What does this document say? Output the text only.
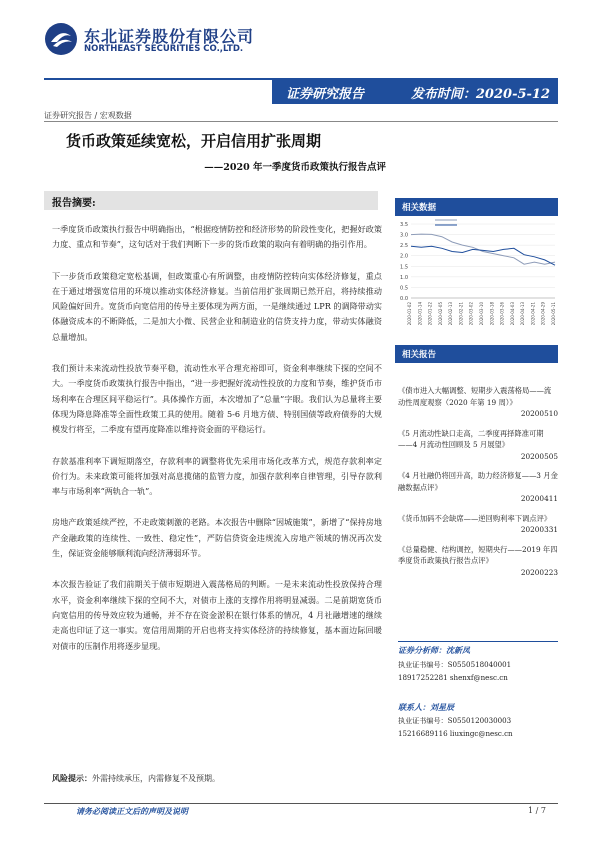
东北证券股份有限公司
NORTHEAST SECURITIES CO.,LTD.
证券研究报告	发布时间：2020-5-12
证券研究报告 / 宏观数据
货币政策延续宽松，开启信用扩张周期
——2020 年一季度货币政策执行报告点评
报告摘要:

一季度货币政策执行报告中明确指出，“根据疫情防控和经济形势的阶段性变化，把握好政策力度、重点和节奏”，这句话对于我们判断下一步的货币政策的取向有着明确的指引作用。

下一步货币政策稳定宽松基调，但政策重心有所调整，由疫情防控转向实体经济修复，重点在于通过增强宽信用的环境以推动实体经济修复。当前信用扩张周期已然开启，将持续推动风险偏好回升。宽货币向宽信用的传导主要体现为两方面，一是继续通过 LPR 的调降带动实体融资成本的不断降低，二是加大小微、民营企业和制造业的信贷支持力度，带动实体融资总量增加。

我们预计未来流动性投放节奏平稳，流动性水平合理充裕即可，资金利率继续下探的空间不大。一季度货币政策执行报告中指出，“进一步把握好流动性投放的力度和节奏，维护货币市场利率在合理区间平稳运行”。具体操作方面，本次增加了“总量”字眼。我们认为总量将主要体现为降息降准等全面性政策工具的使用。随着 5-6 月地方债、特别国债等政府债券的大规模发行将至，二季度有望再度降准以维持资金面的平稳运行。

存款基准利率下调短期落空，存款利率的调整将优先采用市场化改革方式，规范存款利率定价行为。未来政策可能将加强对高息揽储的监管力度，加强存款利率自律管理，引导存款利率与市场利率“两轨合一轨”。

房地产政策延续严控，不走政策刺激的老路。本次报告中删除“因城施策”，新增了“保持房地产金融政策的连续性、一致性、稳定性”，严防信贷资金违规流入房地产领域的情况再次发生，保证资金能够顺利流向经济薄弱环节。

本次报告验证了我们前期关于债市短期进入震荡格局的判断。一是未来流动性投放保持合理水平，资金利率继续下探的空间不大，对债市上涨的支撑作用将明显减弱。二是前期宽货币向宽信用的传导效应较为通畅，并不存在资金淤积在银行体系的情况，4 月社融增速的继续走高也印证了这一事实。宽信用周期的开启也将支持实体经济的持续修复，基本面边际回暖对债市的压制作用将逐步显现。

风险提示：外需持续承压，内需修复不及预期。
相关数据
3.5
3.0
2.5
2.0
1.5
1.0
0.5
0.0
2020-01-02 2020-01-14 2020-01-22 2020-02-05 2020-02-13 2020-02-21 2020-03-02 2020-03-10 2020-03-18 2020-03-26 2020-04-03 2020-04-13 2020-04-21 2020-04-29 2020-05-11
相关报告
《债市进入大幅调整、短期步入震荡格局——流动性周度观察（2020 年第 19 周）》
20200510
《5 月流动性缺口走高，二季度再择降准可期——4 月流动性回顾及 5 月展望》
20200505
《4 月社融仍将回升高，助力经济修复——3 月金融数据点评》
20200411
《货币加码不会缺席——逆回购利率下调点评》
20200331
《总量稳健、结构调控，短期央行——2019 年四季度货币政策执行报告点评》
20200223
证券分析师：沈新凤
执业证书编号：S0550518040001
18917252281 shenxf@nesc.cn
联系人：刘星辰
执业证书编号：S0550120030003
15216689116 liuxingc@nesc.cn
请务必阅读正文后的声明及说明	1 / 7
